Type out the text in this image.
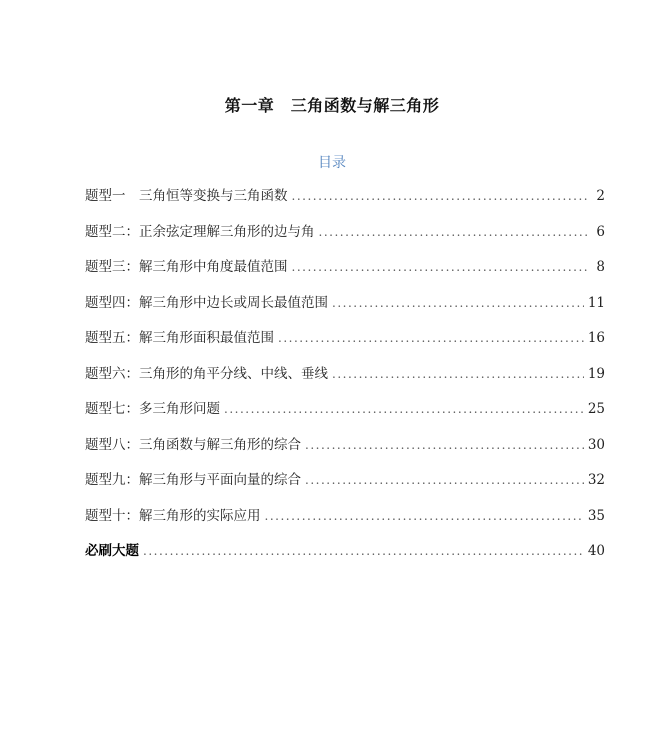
第一章　三角函数与解三角形
目录
题型一　三角恒等变换与三角函数 .....	2
题型二：正余弦定理解三角形的边与角 .....	6
题型三：解三角形中角度最值范围 .....	8
题型四：解三角形中边长或周长最值范围 .....	11
题型五：解三角形面积最值范围 .....	16
题型六：三角形的角平分线、中线、垂线 .....	19
题型七：多三角形问题 .....	25
题型八：三角函数与解三角形的综合 .....	30
题型九：解三角形与平面向量的综合 .....	32
题型十：解三角形的实际应用 .....	35
必刷大题 .....	40
